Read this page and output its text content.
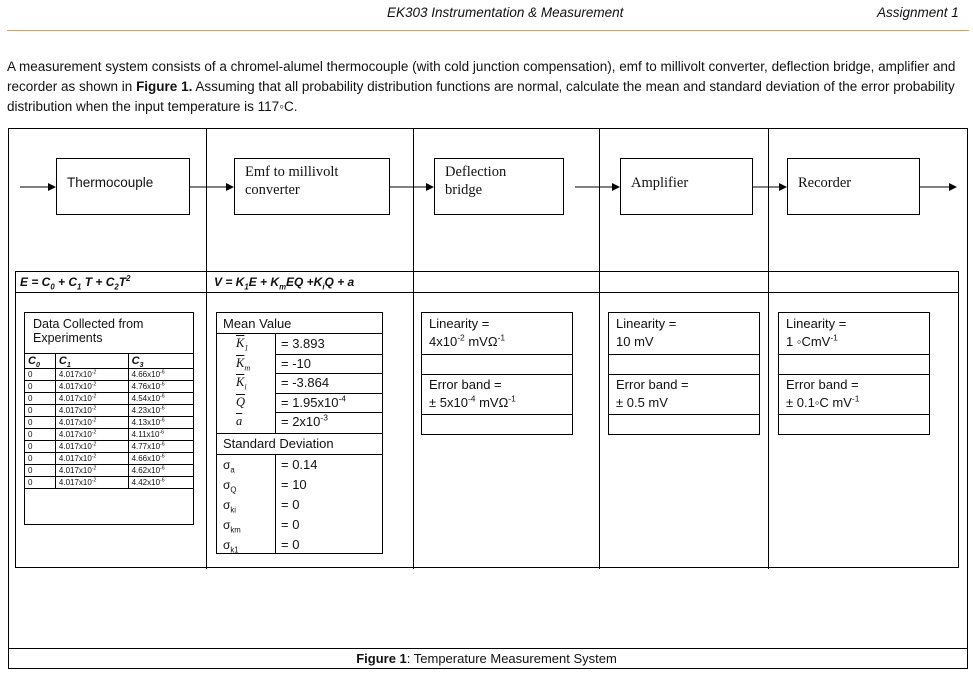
EK303 Instrumentation & Measurement	Assignment 1
A measurement system consists of a chromel-alumel thermocouple (with cold junction compensation), emf to millivolt converter, deflection bridge, amplifier and recorder as shown in Figure 1. Assuming that all probability distribution functions are normal, calculate the mean and standard deviation of the error probability distribution when the input temperature is 117◦C.
Figure 1: Temperature Measurement System
Thermocouple
Emf to millivolt
converter
Deflection
bridge	Amplifier	Recorder
$E = C_0 + C_1$ $T + C_2T^2$	$V = K_1E + K_mEQ +K_iQ + a$
Data Collected from
Experiments
$C_0$	$C_1$	$C_3$
0	$4.017x10^{-2}$	$4.66x10^{-6}$
0	$4.017x10^{-2}$	$4.76x10^{-6}$
0	$4.017x10^{-2}$	$4.54x10^{-6}$
0	$4.017x10^{-2}$	$4.23x10^{-6}$
0	$4.017x10^{-2}$	$4.13x10^{-6}$
0	$4.017x10^{-2}$	$4.11x10^{-6}$
0	$4.017x10^{-2}$	$4.77x10^{-6}$
0	$4.017x10^{-2}$	$4.66x10^{-6}$
0	$4.017x10^{-2}$	$4.62x10^{-6}$
0	$4.017x10^{-2}$	$4.42x10^{-6}$
Mean Value
$\overline{K}_1$	= 3.893
$\overline{K}_m = -10$
$\overline{K}_i$	= -3.864
$\overline{Q}$	= $1.95x10^{-4}$
$\overline{a}$	= $2x10^{-3}$
Standard Deviation
$\sigma_a$	= 0.14
$\sigma_Q$	= 10
$\sigma_{ki}$	= 0
$\sigma_{km}$	= 0
$\sigma_{k1}$	= 0
Linearity =
$4x10^{-2}$ mVΩ$^{-1}$
Error band =
± $5x10^{-4}$ mVΩ$^{-1}$
Linearity =
10 mV
Error band =
± 0.5 mV
Linearity =
1 ◦CmV$^{-1}$
Error band =
± 0.1◦C $mV^{-1}$
